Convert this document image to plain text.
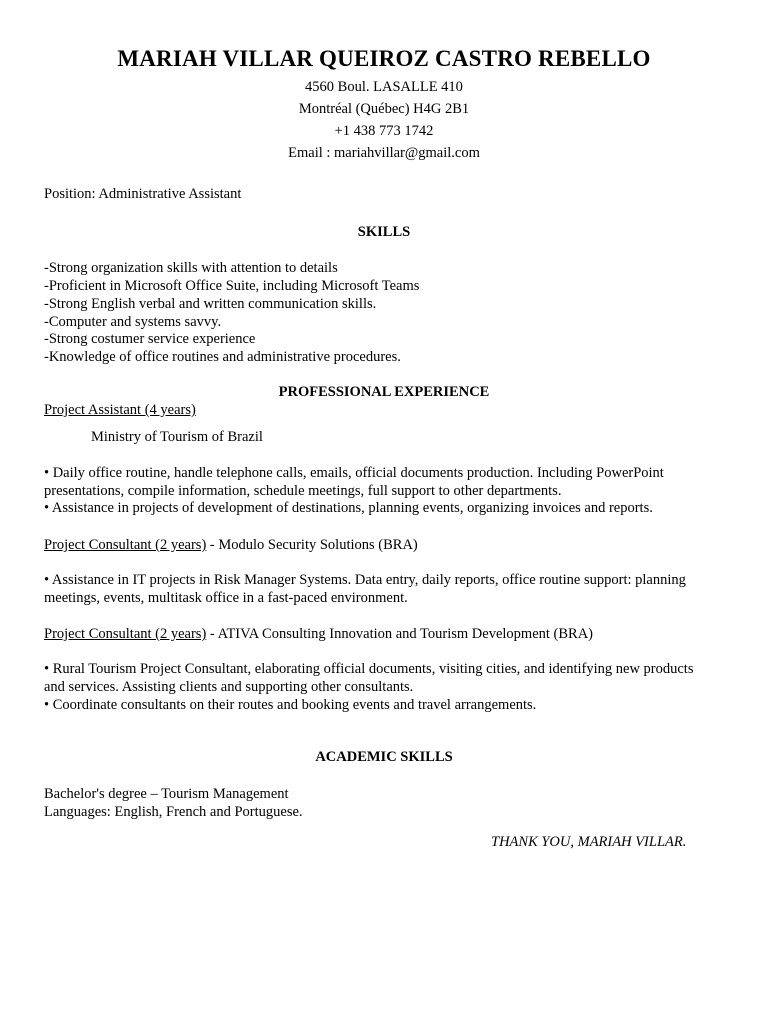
MARIAH VILLAR QUEIROZ CASTRO REBELLO
4560 Boul. LASALLE 410
Montréal (Québec) H4G 2B1
+1 438 773 1742
Email : mariahvillar@gmail.com
Position: Administrative Assistant
SKILLS
-Strong organization skills with attention to details
-Proficient in Microsoft Office Suite, including Microsoft Teams
-Strong English verbal and written communication skills.
-Computer and systems savvy.
-Strong costumer service experience
-Knowledge of office routines and administrative procedures.
PROFESSIONAL EXPERIENCE
Project Assistant (4 years)
Ministry of Tourism of Brazil
• Daily office routine, handle telephone calls, emails, official documents production. Including PowerPoint
presentations, compile information, schedule meetings, full support to other departments.
• Assistance in projects of development of destinations, planning events, organizing invoices and reports.
Project Consultant (2 years) - Modulo Security Solutions (BRA)
• Assistance in IT projects in Risk Manager Systems. Data entry, daily reports, office routine support: planning
meetings, events, multitask office in a fast-paced environment.
Project Consultant (2 years) - ATIVA Consulting Innovation and Tourism Development (BRA)
• Rural Tourism Project Consultant, elaborating official documents, visiting cities, and identifying new products
and services. Assisting clients and supporting other consultants.
• Coordinate consultants on their routes and booking events and travel arrangements.
ACADEMIC SKILLS
Bachelor's degree – Tourism Management
Languages: English, French and Portuguese.
THANK YOU, MARIAH VILLAR.
